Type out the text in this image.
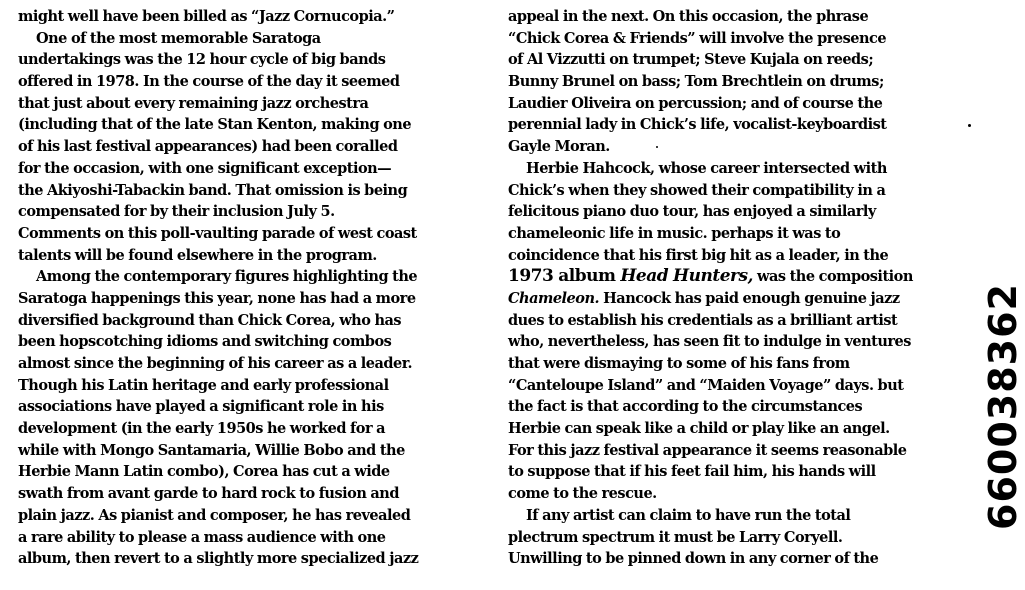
might well have been billed as “Jazz Cornucopia.”
One of the most memorable Saratoga
undertakings was the 12 hour cycle of big bands
offered in 1978. In the course of the day it seemed
that just about every remaining jazz orchestra
(including that of the late Stan Kenton, making one
of his last festival appearances) had been coralled
for the occasion, with one significant exception—
the Akiyoshi-Tabackin band. That omission is being
compensated for by their inclusion July 5.
Comments on this poll-vaulting parade of west coast
talents will be found elsewhere in the program.
Among the contemporary figures highlighting the
Saratoga happenings this year, none has had a more
diversified background than Chick Corea, who has
been hopscotching idioms and switching combos
almost since the beginning of his career as a leader.
Though his Latin heritage and early professional
associations have played a significant role in his
development (in the early 1950s he worked for a
while with Mongo Santamaria, Willie Bobo and the
Herbie Mann Latin combo), Corea has cut a wide
swath from avant garde to hard rock to fusion and
plain jazz. As pianist and composer, he has revealed
a rare ability to please a mass audience with one
album, then revert to a slightly more specialized jazz
appeal in the next. On this occasion, the phrase
“Chick Corea & Friends” will involve the presence
of Al Vizzutti on trumpet; Steve Kujala on reeds;
Bunny Brunel on bass; Tom Brechtlein on drums;
Laudier Oliveira on percussion; and of course the
perennial lady in Chick’s life, vocalist-keyboardist
Gayle Moran.
Herbie Hahcock, whose career intersected with
Chick’s when they showed their compatibility in a
felicitous piano duo tour, has enjoyed a similarly
chameleonic life in music. perhaps it was to
coincidence that his first big hit as a leader, in the
1973 album Head Hunters, was the composition
Chameleon. Hancock has paid enough genuine jazz
dues to establish his credentials as a brilliant artist
who, nevertheless, has seen fit to indulge in ventures
that were dismaying to some of his fans from
“Canteloupe Island” and “Maiden Voyage” days. but
the fact is that according to the circumstances
Herbie can speak like a child or play like an angel.
For this jazz festival appearance it seems reasonable
to suppose that if his feet fail him, his hands will
come to the rescue.
If any artist can claim to have run the total
plectrum spectrum it must be Larry Coryell.
Unwilling to be pinned down in any corner of the
660038362
